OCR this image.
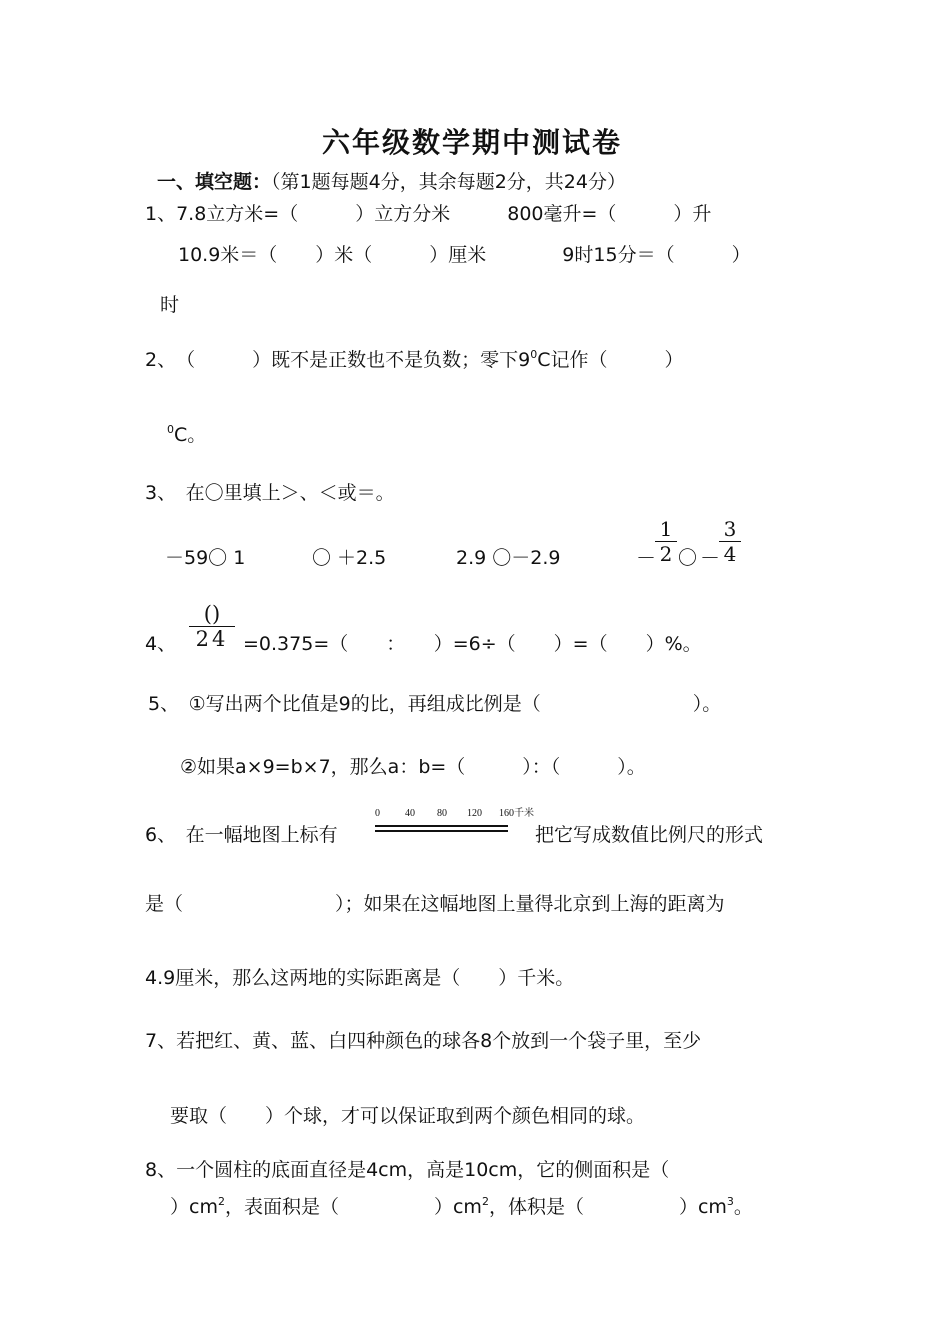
六年级数学期中测试卷
一、填空题：（第1题每题4分，其余每题2分，共24分）
1、7.8立方米=（　　　）立方分米　　　800毫升=（　　　）升
10.9米＝（　　）米（　　　）厘米　　　　9时15分＝（　　　）
时
2、　（　　　）既不是正数也不是负数；零下$9^0C$记作（　　　）
$^0$C。
3、　在〇里填上＞、＜或＝。
－59〇 1	〇 ＋2.5	2.9 〇－2.9	－
1
2 〇 －
3
4
4、
()
24 =0.375=（　　：　　）=6÷（　　）=（　　）%。
5、　①写出两个比值是9的比，再组成比例是（　　　　　　　　）。
②如果a×9=b×7，那么a：b=（　　　）：（　　　）。
6、　在一幅地图上标有
0	40 80 120 160千米
把它写成数值比例尺的形式
是（　　　　　　　　）；如果在这幅地图上量得北京到上海的距离为
4.9厘米，那么这两地的实际距离是（　　）千米。
7、若把红、黄、蓝、白四种颜色的球各8个放到一个袋子里，至少
要取（　　）个球，才可以保证取到两个颜色相同的球。
8、一个圆柱的底面直径是4cm，高是10cm，它的侧面积是（
）$cm^2$，表面积是（　　　　　）$cm^2$，体积是（　　　　　）$cm^3$。
